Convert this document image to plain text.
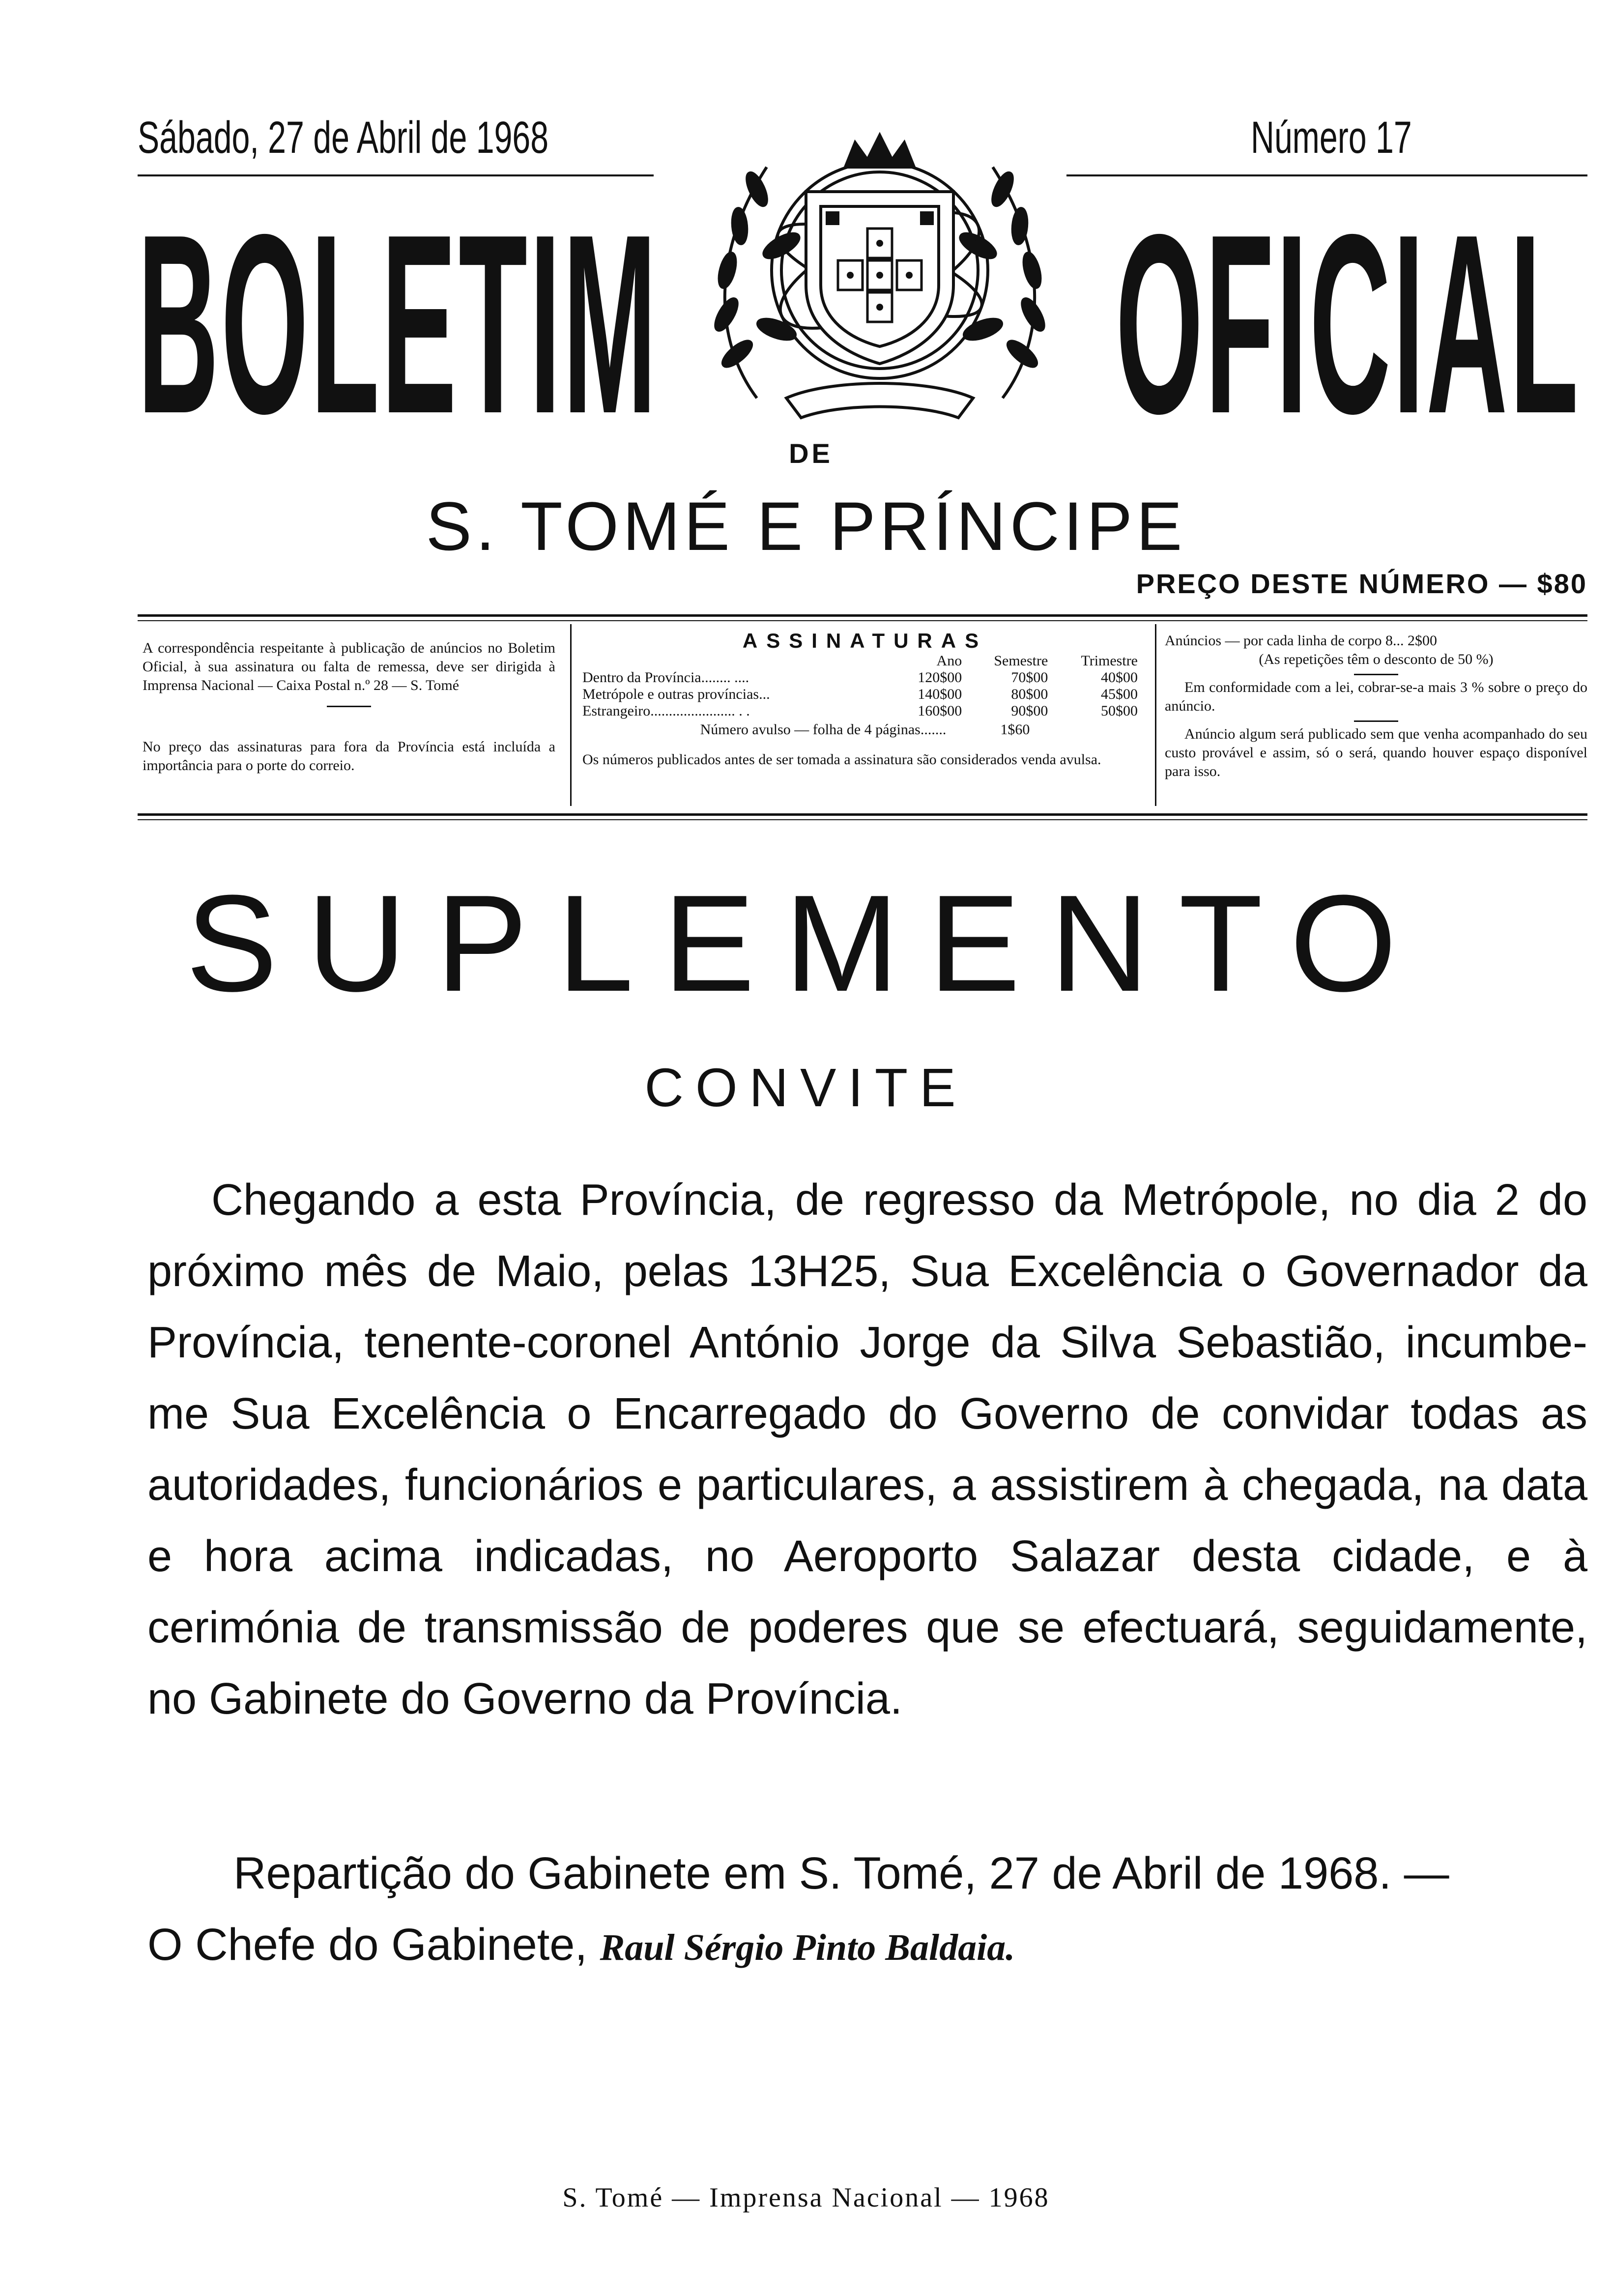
Sábado, 27 de Abril de 1968	Número 17
BOLETIM OFICIAL
DE
S. TOMÉ E PRÍNCIPE
PREÇO DESTE NÚMERO — $80
A correspondência respeitante à publicação de anúncios no Boletim Oficial, à sua assinatura ou falta de remessa, deve ser dirigida à Imprensa Nacional — Caixa Postal n.º 28 — S. Tomé
No preço das assinaturas para fora da Província está incluída a importância para o porte do correio.
ASSINATURAS
	Ano	Semestre	Trimestre
Dentro da Província........ ....	120$00	70$00	40$00
Metrópole e outras províncias...	140$00	80$00	45$00
Estrangeiro....................... . .	160$00	90$00	50$00
Número avulso — folha de 4 páginas.......	1$60
Os números publicados antes de ser tomada a assinatura são considerados venda avulsa.
Anúncios — por cada linha de corpo 8... 2$00
(As repetições têm o desconto de 50 %)
Em conformidade com a lei, cobrar-se-a mais 3 % sobre o preço do anúncio.
Anúncio algum será publicado sem que venha acompanhado do seu custo provável e assim, só o será, quando houver espaço disponível para isso.
SUPLEMENTO
CONVITE
Chegando a esta Província, de regresso da Metrópole, no dia 2 do próximo mês de Maio, pelas 13H25, Sua Excelência o Governador da Província, tenente-coronel António Jorge da Silva Sebastião, incumbe-me Sua Excelência o Encarregado do Governo de convidar todas as autoridades, funcionários e particulares, a assistirem à chegada, na data e hora acima indicadas, no Aeroporto Salazar desta cidade, e à cerimónia de transmissão de poderes que se efectuará, seguidamente, no Gabinete do Governo da Província.
Repartição do Gabinete em S. Tomé, 27 de Abril de 1968. —
O Chefe do Gabinete, Raul Sérgio Pinto Baldaia.
S. Tomé — Imprensa Nacional — 1968
